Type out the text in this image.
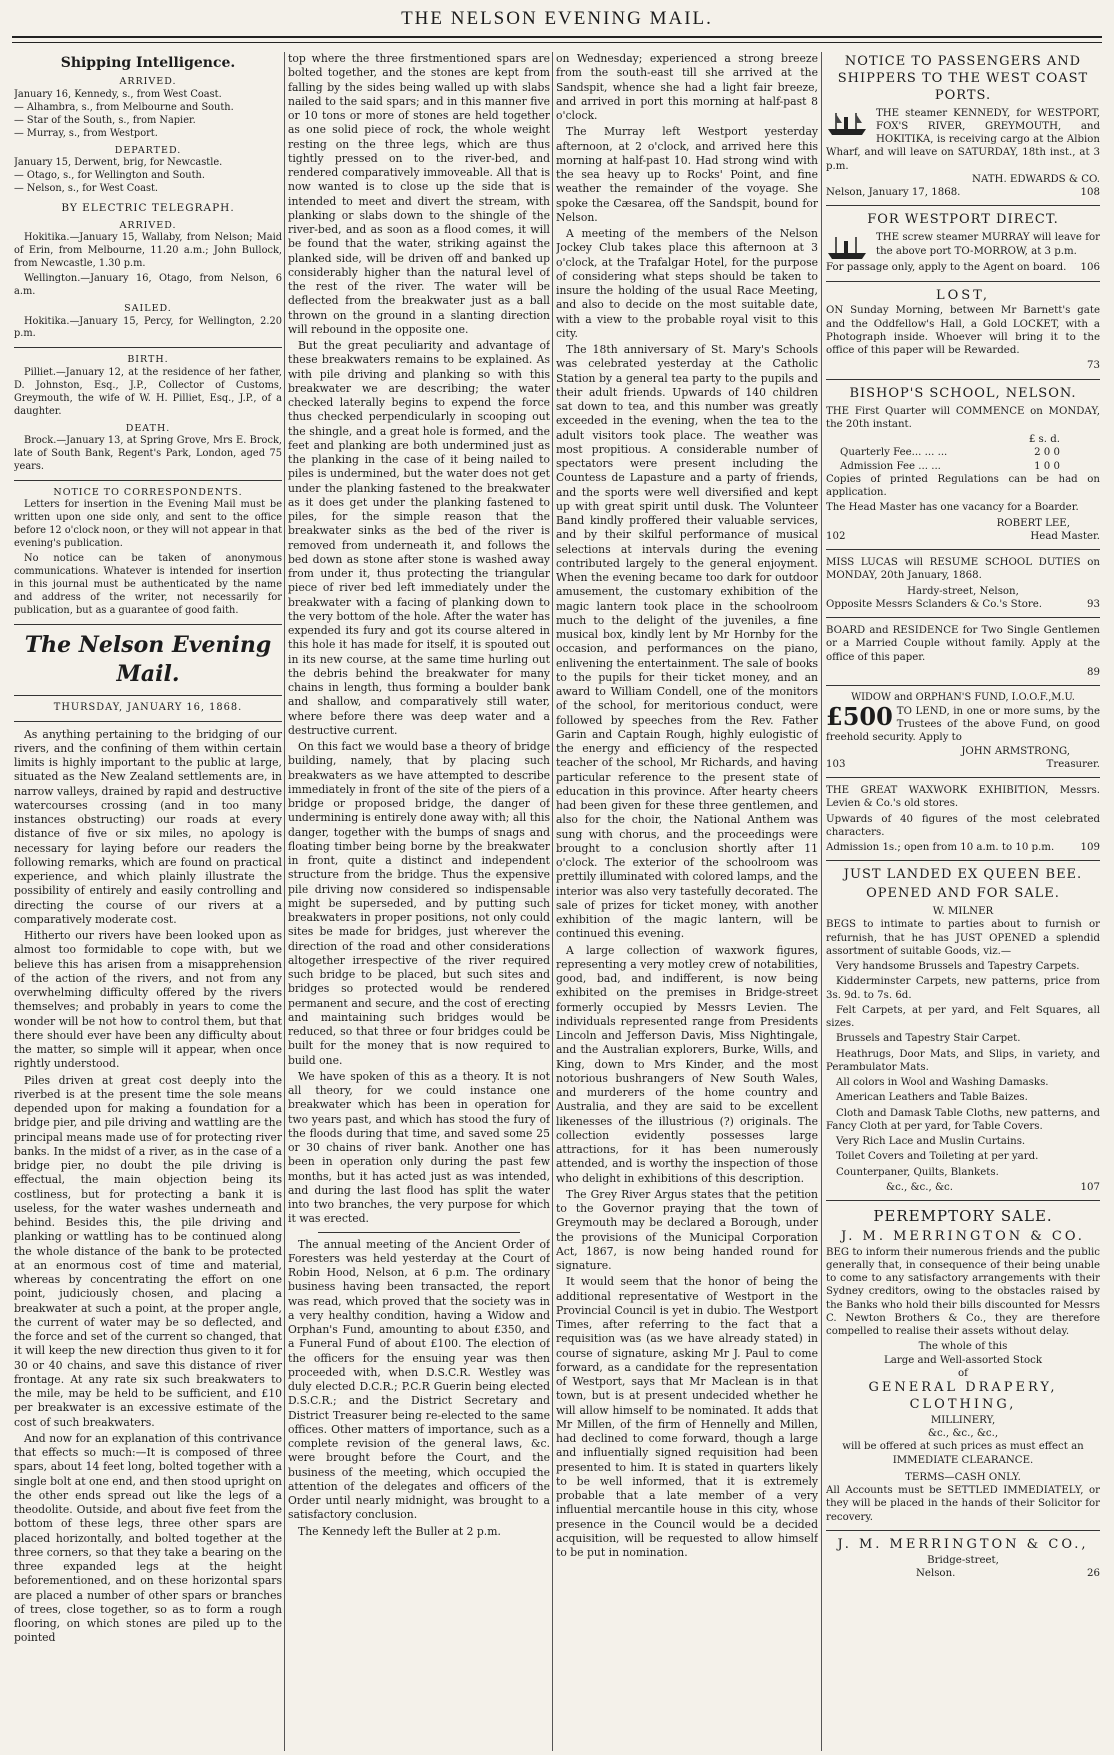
THE NELSON EVENING MAIL.
Shipping Intelligence.
ARRIVED.
January 16, Kennedy, s., from West Coast.
— Alhambra, s., from Melbourne and South.
— Star of the South, s., from Napier.
— Murray, s., from Westport.
DEPARTED.
January 15, Derwent, brig, for Newcastle.
— Otago, s., for Wellington and South.
— Nelson, s., for West Coast.
BY ELECTRIC TELEGRAPH.
ARRIVED.

Hokitika.—January 15, Wallaby, from Nelson; Maid of Erin, from Melbourne, 11.20 a.m.; John Bullock, from Newcastle, 1.30 p.m.

Wellington.—January 16, Otago, from Nelson, 6 a.m.

SAILED.

Hokitika.—January 15, Percy, for Wellington, 2.20 p.m.

BIRTH.

Pilliet.—January 12, at the residence of her father, D. Johnston, Esq., J.P., Collector of Customs, Greymouth, the wife of W. H. Pilliet, Esq., J.P., of a daughter.

DEATH.

Brock.—January 13, at Spring Grove, Mrs E. Brock, late of South Bank, Regent's Park, London, aged 75 years.

NOTICE TO CORRESPONDENTS.

Letters for insertion in the Evening Mail must be written upon one side only, and sent to the office before 12 o'clock noon, or they will not appear in that evening's publication.

No notice can be taken of anonymous communications. Whatever is intended for insertion in this journal must be authenticated by the name and address of the writer, not necessarily for publication, but as a guarantee of good faith.

The Nelson Evening Mail.
THURSDAY, JANUARY 16, 1868.

As anything pertaining to the bridging of our rivers, and the confining of them within certain limits is highly important to the public at large, situated as the New Zealand settlements are, in narrow valleys, drained by rapid and destructive watercourses crossing (and in too many instances obstructing) our roads at every distance of five or six miles, no apology is necessary for laying before our readers the following remarks, which are found on practical experience, and which plainly illustrate the possibility of entirely and easily controlling and directing the course of our rivers at a comparatively moderate cost.

Hitherto our rivers have been looked upon as almost too formidable to cope with, but we believe this has arisen from a misapprehension of the action of the rivers, and not from any overwhelming difficulty offered by the rivers themselves; and probably in years to come the wonder will be not how to control them, but that there should ever have been any difficulty about the matter, so simple will it appear, when once rightly understood.

Piles driven at great cost deeply into the riverbed is at the present time the sole means depended upon for making a foundation for a bridge pier, and pile driving and wattling are the principal means made use of for protecting river banks. In the midst of a river, as in the case of a bridge pier, no doubt the pile driving is effectual, the main objection being its costliness, but for protecting a bank it is useless, for the water washes underneath and behind. Besides this, the pile driving and planking or wattling has to be continued along the whole distance of the bank to be protected at an enormous cost of time and material, whereas by concentrating the effort on one point, judiciously chosen, and placing a breakwater at such a point, at the proper angle, the current of water may be so deflected, and the force and set of the current so changed, that it will keep the new direction thus given to it for 30 or 40 chains, and save this distance of river frontage. At any rate six such breakwaters to the mile, may be held to be sufficient, and £10 per breakwater is an excessive estimate of the cost of such breakwaters.

And now for an explanation of this contrivance that effects so much:—It is composed of three spars, about 14 feet long, bolted together with a single bolt at one end, and then stood upright on the other ends spread out like the legs of a theodolite. Outside, and about five feet from the bottom of these legs, three other spars are placed horizontally, and bolted together at the three corners, so that they take a bearing on the three expanded legs at the height beforementioned, and on these horizontal spars are placed a number of other spars or branches of trees, close together, so as to form a rough flooring, on which stones are piled up to the pointed

top where the three firstmentioned spars are bolted together, and the stones are kept from falling by the sides being walled up with slabs nailed to the said spars; and in this manner five or 10 tons or more of stones are held together as one solid piece of rock, the whole weight resting on the three legs, which are thus tightly pressed on to the river-bed, and rendered comparatively immoveable. All that is now wanted is to close up the side that is intended to meet and divert the stream, with planking or slabs down to the shingle of the river-bed, and as soon as a flood comes, it will be found that the water, striking against the planked side, will be driven off and banked up considerably higher than the natural level of the rest of the river. The water will be deflected from the breakwater just as a ball thrown on the ground in a slanting direction will rebound in the opposite one.

But the great peculiarity and advantage of these breakwaters remains to be explained. As with pile driving and planking so with this breakwater we are describing; the water checked laterally begins to expend the force thus checked perpendicularly in scooping out the shingle, and a great hole is formed, and the feet and planking are both undermined just as the planking in the case of it being nailed to piles is undermined, but the water does not get under the planking fastened to the breakwater as it does get under the planking fastened to piles, for the simple reason that the breakwater sinks as the bed of the river is removed from underneath it, and follows the bed down as stone after stone is washed away from under it, thus protecting the triangular piece of river bed left immediately under the breakwater with a facing of planking down to the very bottom of the hole. After the water has expended its fury and got its course altered in this hole it has made for itself, it is spouted out in its new course, at the same time hurling out the debris behind the breakwater for many chains in length, thus forming a boulder bank and shallow, and comparatively still water, where before there was deep water and a destructive current.

On this fact we would base a theory of bridge building, namely, that by placing such breakwaters as we have attempted to describe immediately in front of the site of the piers of a bridge or proposed bridge, the danger of undermining is entirely done away with; all this danger, together with the bumps of snags and floating timber being borne by the breakwater in front, quite a distinct and independent structure from the bridge. Thus the expensive pile driving now considered so indispensable might be superseded, and by putting such breakwaters in proper positions, not only could sites be made for bridges, just wherever the direction of the road and other considerations altogether irrespective of the river required such bridge to be placed, but such sites and bridges so protected would be rendered permanent and secure, and the cost of erecting and maintaining such bridges would be reduced, so that three or four bridges could be built for the money that is now required to build one.

We have spoken of this as a theory. It is not all theory, for we could instance one breakwater which has been in operation for two years past, and which has stood the fury of the floods during that time, and saved some 25 or 30 chains of river bank. Another one has been in operation only during the past few months, but it has acted just as was intended, and during the last flood has split the water into two branches, the very purpose for which it was erected.

The annual meeting of the Ancient Order of Foresters was held yesterday at the Court of Robin Hood, Nelson, at 6 p.m. The ordinary business having been transacted, the report was read, which proved that the society was in a very healthy condition, having a Widow and Orphan's Fund, amounting to about £350, and a Funeral Fund of about £100. The election of the officers for the ensuing year was then proceeded with, when D.S.C.R. Westley was duly elected D.C.R.; P.C.R Guerin being elected D.S.C.R.; and the District Secretary and District Treasurer being re-elected to the same offices. Other matters of importance, such as a complete revision of the general laws, &c. were brought before the Court, and the business of the meeting, which occupied the attention of the delegates and officers of the Order until nearly midnight, was brought to a satisfactory conclusion.

The Kennedy left the Buller at 2 p.m.

on Wednesday; experienced a strong breeze from the south-east till she arrived at the Sandspit, whence she had a light fair breeze, and arrived in port this morning at half-past 8 o'clock.

The Murray left Westport yesterday afternoon, at 2 o'clock, and arrived here this morning at half-past 10. Had strong wind with the sea heavy up to Rocks' Point, and fine weather the remainder of the voyage. She spoke the Cæsarea, off the Sandspit, bound for Nelson.

A meeting of the members of the Nelson Jockey Club takes place this afternoon at 3 o'clock, at the Trafalgar Hotel, for the purpose of considering what steps should be taken to insure the holding of the usual Race Meeting, and also to decide on the most suitable date, with a view to the probable royal visit to this city.

The 18th anniversary of St. Mary's Schools was celebrated yesterday at the Catholic Station by a general tea party to the pupils and their adult friends. Upwards of 140 children sat down to tea, and this number was greatly exceeded in the evening, when the tea to the adult visitors took place. The weather was most propitious. A considerable number of spectators were present including the Countess de Lapasture and a party of friends, and the sports were well diversified and kept up with great spirit until dusk. The Volunteer Band kindly proffered their valuable services, and by their skilful performance of musical selections at intervals during the evening contributed largely to the general enjoyment. When the evening became too dark for outdoor amusement, the customary exhibition of the magic lantern took place in the schoolroom much to the delight of the juveniles, a fine musical box, kindly lent by Mr Hornby for the occasion, and performances on the piano, enlivening the entertainment. The sale of books to the pupils for their ticket money, and an award to William Condell, one of the monitors of the school, for meritorious conduct, were followed by speeches from the Rev. Father Garin and Captain Rough, highly eulogistic of the energy and efficiency of the respected teacher of the school, Mr Richards, and having particular reference to the present state of education in this province. After hearty cheers had been given for these three gentlemen, and also for the choir, the National Anthem was sung with chorus, and the proceedings were brought to a conclusion shortly after 11 o'clock. The exterior of the schoolroom was prettily illuminated with colored lamps, and the interior was also very tastefully decorated. The sale of prizes for ticket money, with another exhibition of the magic lantern, will be continued this evening.

A large collection of waxwork figures, representing a very motley crew of notabilities, good, bad, and indifferent, is now being exhibited on the premises in Bridge-street formerly occupied by Messrs Levien. The individuals represented range from Presidents Lincoln and Jefferson Davis, Miss Nightingale, and the Australian explorers, Burke, Wills, and King, down to Mrs Kinder, and the most notorious bushrangers of New South Wales, and murderers of the home country and Australia, and they are said to be excellent likenesses of the illustrious (?) originals. The collection evidently possesses large attractions, for it has been numerously attended, and is worthy the inspection of those who delight in exhibitions of this description.

The Grey River Argus states that the petition to the Governor praying that the town of Greymouth may be declared a Borough, under the provisions of the Municipal Corporation Act, 1867, is now being handed round for signature.

It would seem that the honor of being the additional representative of Westport in the Provincial Council is yet in dubio. The Westport Times, after referring to the fact that a requisition was (as we have already stated) in course of signature, asking Mr J. Paul to come forward, as a candidate for the representation of Westport, says that Mr Maclean is in that town, but is at present undecided whether he will allow himself to be nominated. It adds that Mr Millen, of the firm of Hennelly and Millen, had declined to come forward, though a large and influentially signed requisition had been presented to him. It is stated in quarters likely to be well informed, that it is extremely probable that a late member of a very influential mercantile house in this city, whose presence in the Council would be a decided acquisition, will be requested to allow himself to be put in nomination.

NOTICE TO PASSENGERS AND SHIPPERS TO THE WEST COAST PORTS.
THE steamer KENNEDY, for WESTPORT, FOX'S RIVER, GREYMOUTH, and HOKITIKA, is receiving cargo at the Albion Wharf, and will leave on SATURDAY, 18th inst., at 3 p.m.
NATH. EDWARDS & CO.
Nelson, January 17, 1868.	108
FOR WESTPORT DIRECT.
THE screw steamer MURRAY will leave for the above port TO-MORROW, at 3 p.m.
For passage only, apply to the Agent on board. 106
LOST,

ON Sunday Morning, between Mr Barnett's gate and the Oddfellow's Hall, a Gold LOCKET, with a Photograph inside. Whoever will bring it to the office of this paper will be Rewarded.

73
BISHOP'S SCHOOL, NELSON.

THE First Quarter will COMMENCE on MONDAY, the 20th instant.

£ s. d.
Quarterly Fee... ... ...	2 0 0
Admission Fee ... ...	1 0 0

Copies of printed Regulations can be had on application.

The Head Master has one vacancy for a Boarder.

ROBERT LEE,
102	Head Master.

MISS LUCAS will RESUME SCHOOL DUTIES on MONDAY, 20th January, 1868.

Hardy-street, Nelson,
Opposite Messrs Sclanders & Co.'s Store.	93

BOARD and RESIDENCE for Two Single Gentlemen or a Married Couple without family. Apply at the office of this paper.

89
WIDOW and ORPHAN'S FUND, I.O.O.F.,M.U.
£500 TO LEND, in one or more sums, by the Trustees of the above Fund, on good freehold security. Apply to
JOHN ARMSTRONG,
103	Treasurer.

THE GREAT WAXWORK EXHIBITION, Messrs. Levien & Co.'s old stores.

Upwards of 40 figures of the most celebrated characters.

Admission 1s.; open from 10 a.m. to 10 p.m.	109
JUST LANDED EX QUEEN BEE.
OPENED AND FOR SALE.
W. MILNER

BEGS to intimate to parties about to furnish or refurnish, that he has JUST OPENED a splendid assortment of suitable Goods, viz.—

Very handsome Brussels and Tapestry Carpets.

Kidderminster Carpets, new patterns, price from 3s. 9d. to 7s. 6d.

Felt Carpets, at per yard, and Felt Squares, all sizes.

Brussels and Tapestry Stair Carpet.

Heathrugs, Door Mats, and Slips, in variety, and Perambulator Mats.

All colors in Wool and Washing Damasks.

American Leathers and Table Baizes.

Cloth and Damask Table Cloths, new patterns, and Fancy Cloth at per yard, for Table Covers.

Very Rich Lace and Muslin Curtains.

Toilet Covers and Toileting at per yard.

Counterpaner, Quilts, Blankets.

&c., &c., &c.	107
PEREMPTORY SALE.
J. M. MERRINGTON & CO.

BEG to inform their numerous friends and the public generally that, in consequence of their being unable to come to any satisfactory arrangements with their Sydney creditors, owing to the obstacles raised by the Banks who hold their bills discounted for Messrs C. Newton Brothers & Co., they are therefore compelled to realise their assets without delay.

The whole of this
Large and Well-assorted Stock
of
GENERAL DRAPERY,
CLOTHING,
MILLINERY,
&c., &c., &c.,
will be offered at such prices as must effect an
IMMEDIATE CLEARANCE.
TERMS—CASH ONLY.

All Accounts must be SETTLED IMMEDIATELY, or they will be placed in the hands of their Solicitor for recovery.

J. M. MERRINGTON & CO.,
Bridge-street,
Nelson.	26
